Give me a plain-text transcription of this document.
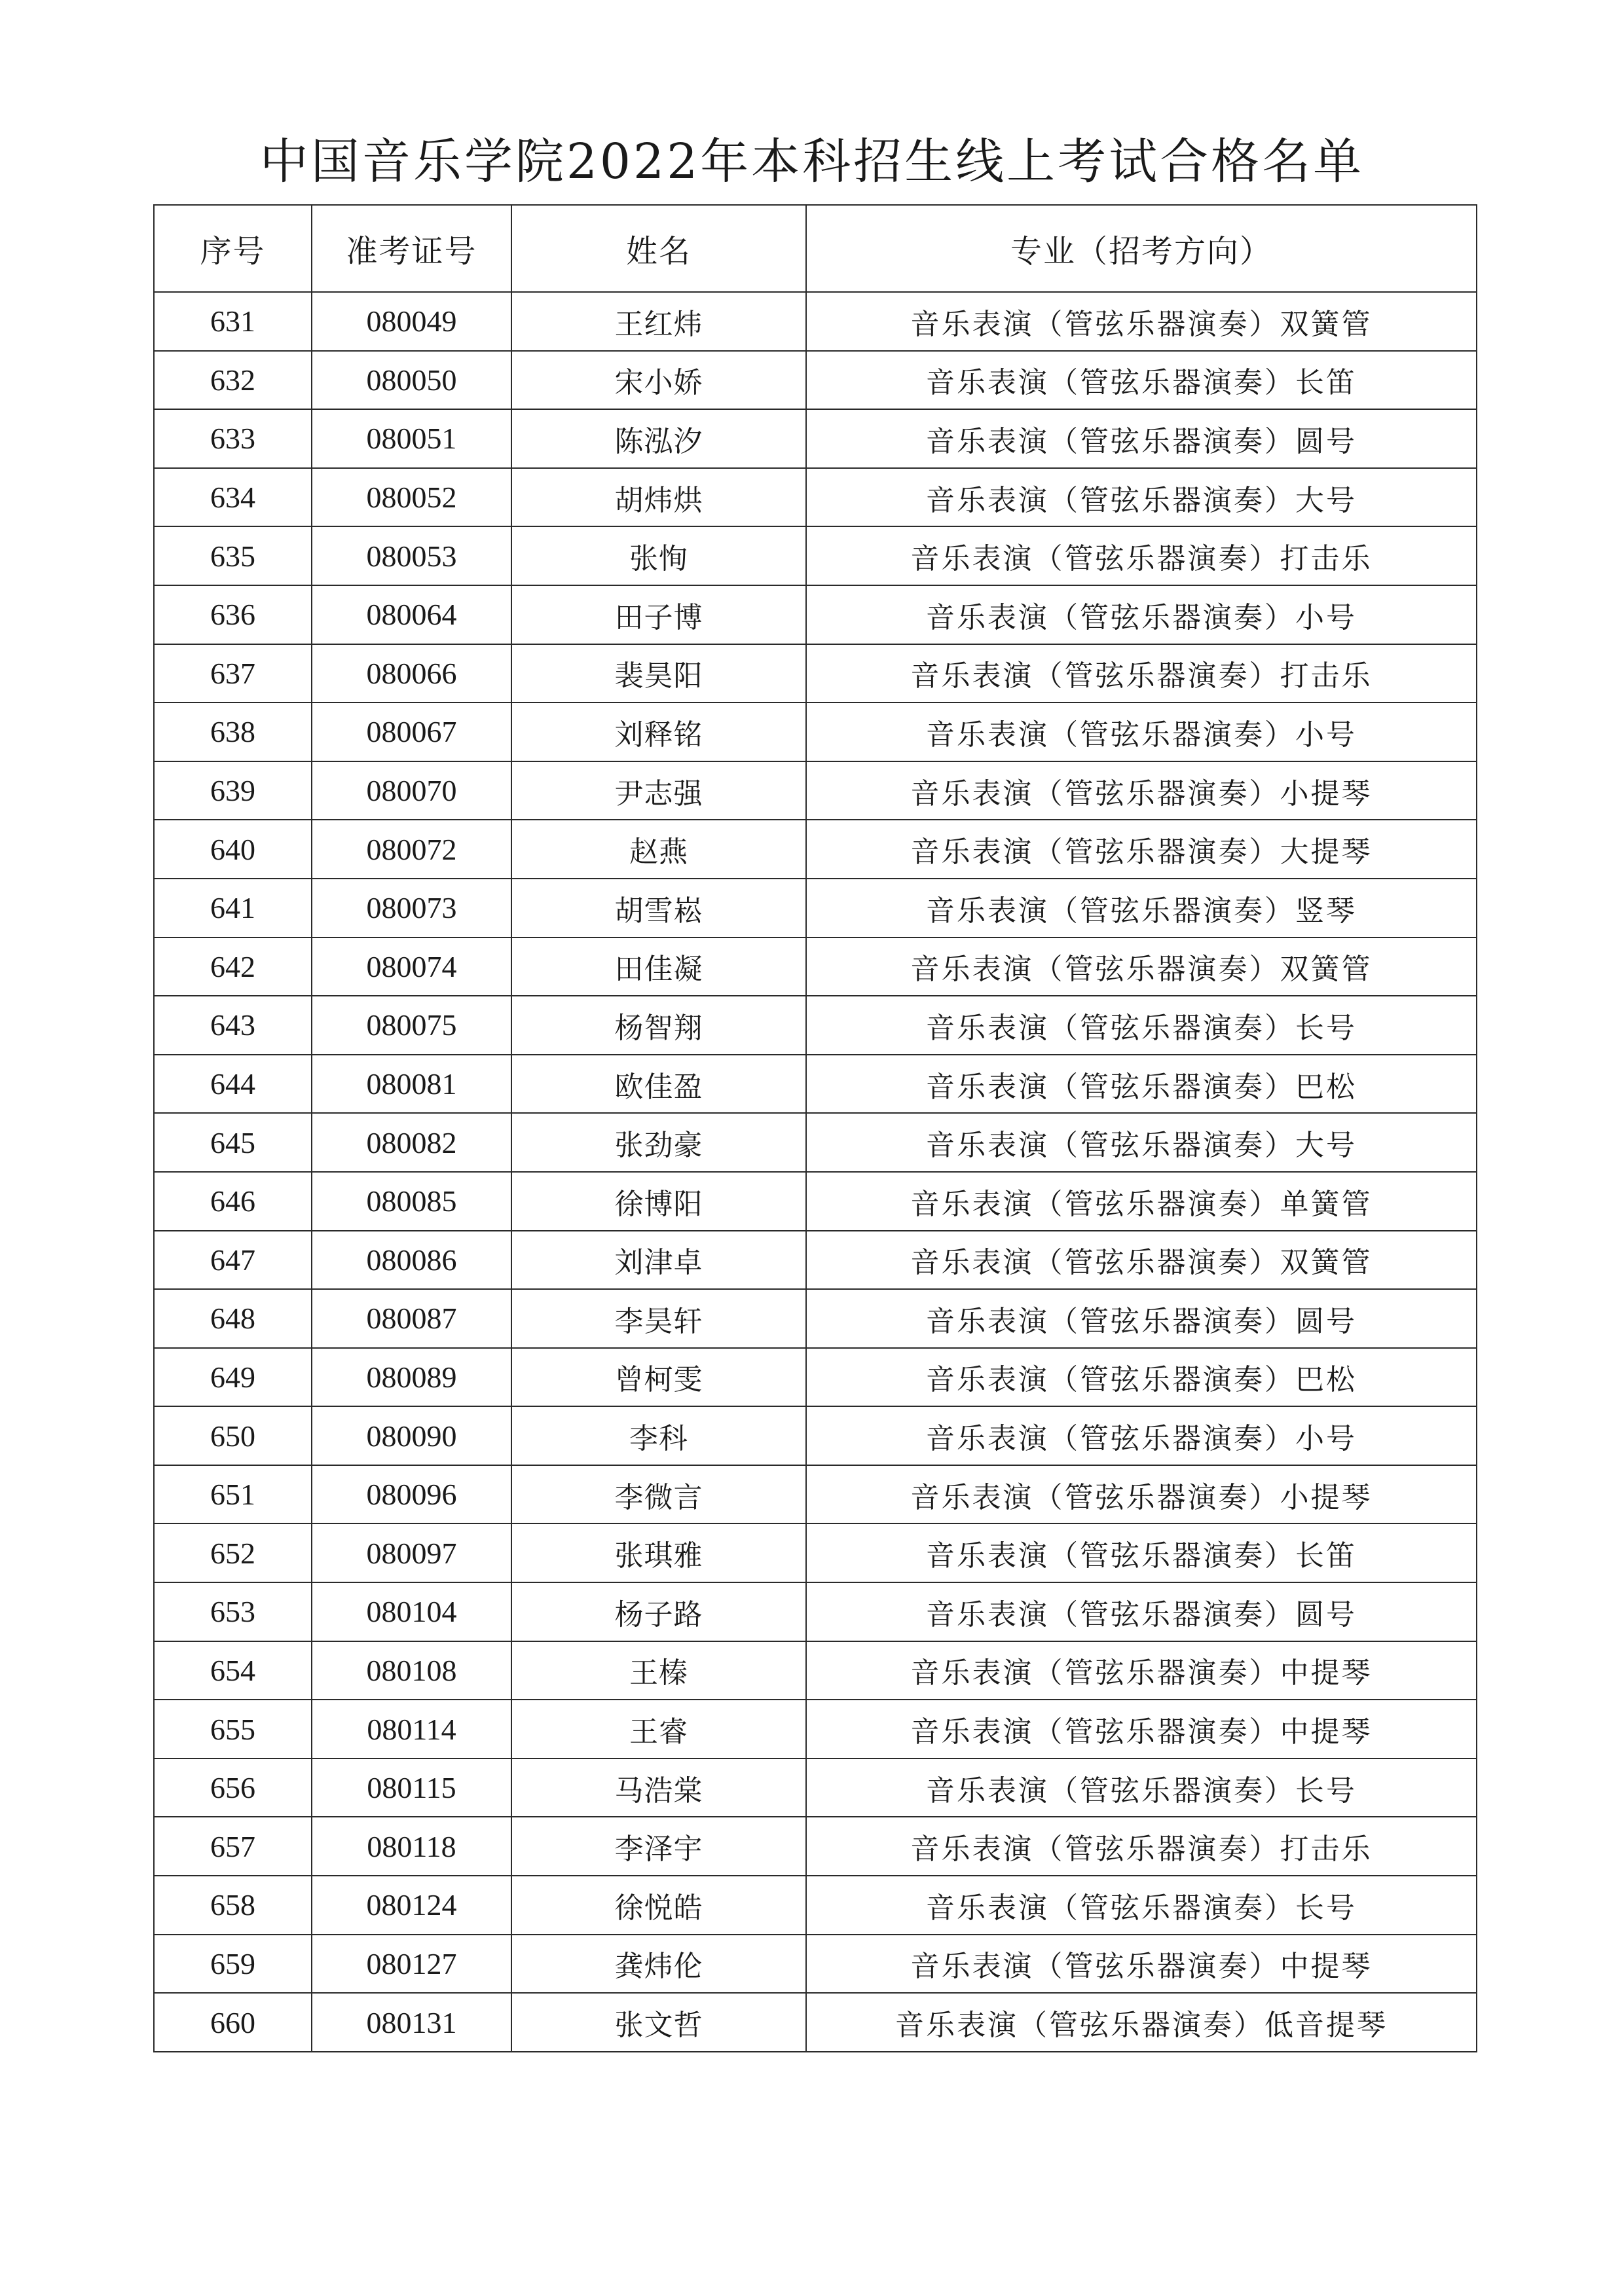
中国音乐学院2022年本科招生线上考试合格名单
序号	准考证号	姓名	专业（招考方向）
631	080049	王红炜	音乐表演（管弦乐器演奏）双簧管
632	080050	宋小娇	音乐表演（管弦乐器演奏）长笛
633	080051	陈泓汐	音乐表演（管弦乐器演奏）圆号
634	080052	胡炜烘	音乐表演（管弦乐器演奏）大号
635	080053	张恂	音乐表演（管弦乐器演奏）打击乐
636	080064	田子博	音乐表演（管弦乐器演奏）小号
637	080066	裴昊阳	音乐表演（管弦乐器演奏）打击乐
638	080067	刘释铭	音乐表演（管弦乐器演奏）小号
639	080070	尹志强	音乐表演（管弦乐器演奏）小提琴
640	080072	赵燕	音乐表演（管弦乐器演奏）大提琴
641	080073	胡雪崧	音乐表演（管弦乐器演奏）竖琴
642	080074	田佳凝	音乐表演（管弦乐器演奏）双簧管
643	080075	杨智翔	音乐表演（管弦乐器演奏）长号
644	080081	欧佳盈	音乐表演（管弦乐器演奏）巴松
645	080082	张劲豪	音乐表演（管弦乐器演奏）大号
646	080085	徐博阳	音乐表演（管弦乐器演奏）单簧管
647	080086	刘津卓	音乐表演（管弦乐器演奏）双簧管
648	080087	李昊轩	音乐表演（管弦乐器演奏）圆号
649	080089	曾柯雯	音乐表演（管弦乐器演奏）巴松
650	080090	李科	音乐表演（管弦乐器演奏）小号
651	080096	李微言	音乐表演（管弦乐器演奏）小提琴
652	080097	张琪雅	音乐表演（管弦乐器演奏）长笛
653	080104	杨子路	音乐表演（管弦乐器演奏）圆号
654	080108	王榛	音乐表演（管弦乐器演奏）中提琴
655	080114	王睿	音乐表演（管弦乐器演奏）中提琴
656	080115	马浩棠	音乐表演（管弦乐器演奏）长号
657	080118	李泽宇	音乐表演（管弦乐器演奏）打击乐
658	080124	徐悦皓	音乐表演（管弦乐器演奏）长号
659	080127	龚炜伦	音乐表演（管弦乐器演奏）中提琴
660	080131	张文哲	音乐表演（管弦乐器演奏）低音提琴
